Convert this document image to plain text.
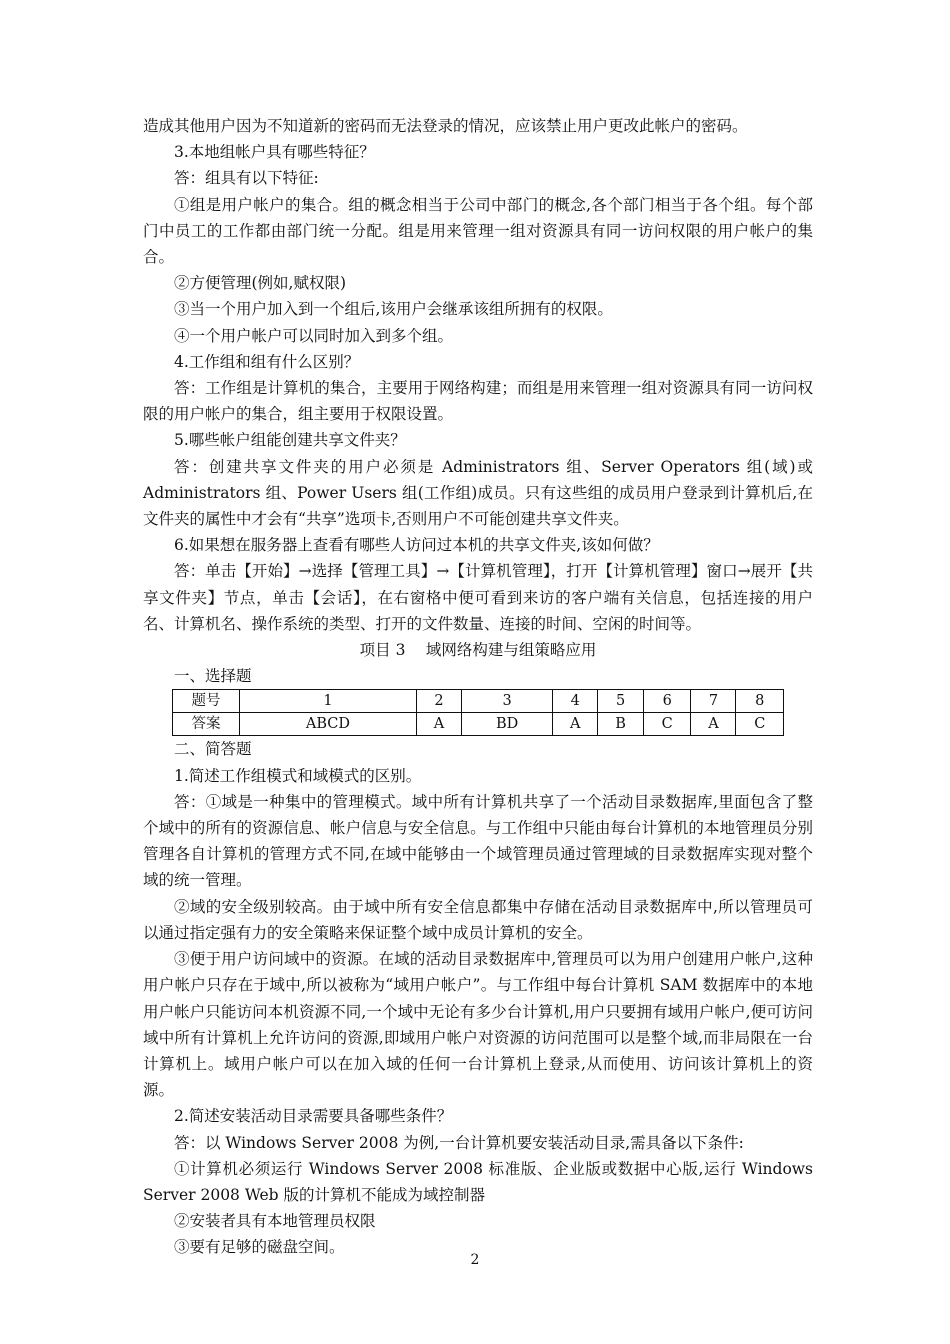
造成其他用户因为不知道新的密码而无法登录的情况，应该禁止用户更改此帐户的密码。

3.本地组帐户具有哪些特征？

答：组具有以下特征:

①组是用户帐户的集合。组的概念相当于公司中部门的概念,各个部门相当于各个组。每个部门中员工的工作都由部门统一分配。组是用来管理一组对资源具有同一访问权限的用户帐户的集合。

②方便管理(例如,赋权限)

③当一个用户加入到一个组后,该用户会继承该组所拥有的权限。

④一个用户帐户可以同时加入到多个组。

4.工作组和组有什么区别？

答：工作组是计算机的集合，主要用于网络构建；而组是用来管理一组对资源具有同一访问权限的用户帐户的集合，组主要用于权限设置。

5.哪些帐户组能创建共享文件夹？

答：创建共享文件夹的用户必须是 Administrators 组、Server Operators 组(域)或 Administrators 组、Power Users 组(工作组)成员。只有这些组的成员用户登录到计算机后,在文件夹的属性中才会有“共享”选项卡,否则用户不可能创建共享文件夹。

6.如果想在服务器上查看有哪些人访问过本机的共享文件夹,该如何做？

答：单击【开始】→选择【管理工具】→【计算机管理】，打开【计算机管理】窗口→展开【共享文件夹】节点，单击【会话】，在右窗格中便可看到来访的客户端有关信息，包括连接的用户名、计算机名、操作系统的类型、打开的文件数量、连接的时间、空闲的时间等。

项目 3　 域网络构建与组策略应用

一、选择题

题号	1	2	3	4	5	6	7	8
答案	ABCD	A	BD	A	B	C	A	C

二、简答题

1.简述工作组模式和域模式的区别。

答：①域是一种集中的管理模式。域中所有计算机共享了一个活动目录数据库,里面包含了整个域中的所有的资源信息、帐户信息与安全信息。与工作组中只能由每台计算机的本地管理员分别管理各自计算机的管理方式不同,在域中能够由一个域管理员通过管理域的目录数据库实现对整个域的统一管理。

②域的安全级别较高。由于域中所有安全信息都集中存储在活动目录数据库中,所以管理员可以通过指定强有力的安全策略来保证整个域中成员计算机的安全。

③便于用户访问域中的资源。在域的活动目录数据库中,管理员可以为用户创建用户帐户,这种用户帐户只存在于域中,所以被称为“域用户帐户”。与工作组中每台计算机 SAM 数据库中的本地用户帐户只能访问本机资源不同,一个域中无论有多少台计算机,用户只要拥有域用户帐户,便可访问域中所有计算机上允许访问的资源,即域用户帐户对资源的访问范围可以是整个域,而非局限在一台计算机上。域用户帐户可以在加入域的任何一台计算机上登录,从而使用、访问该计算机上的资源。

2.简述安装活动目录需要具备哪些条件？

答：以 Windows Server 2008 为例,一台计算机要安装活动目录,需具备以下条件:

①计算机必须运行 Windows Server 2008 标准版、企业版或数据中心版,运行 Windows Server 2008 Web 版的计算机不能成为域控制器

②安装者具有本地管理员权限

③要有足够的磁盘空间。

2
